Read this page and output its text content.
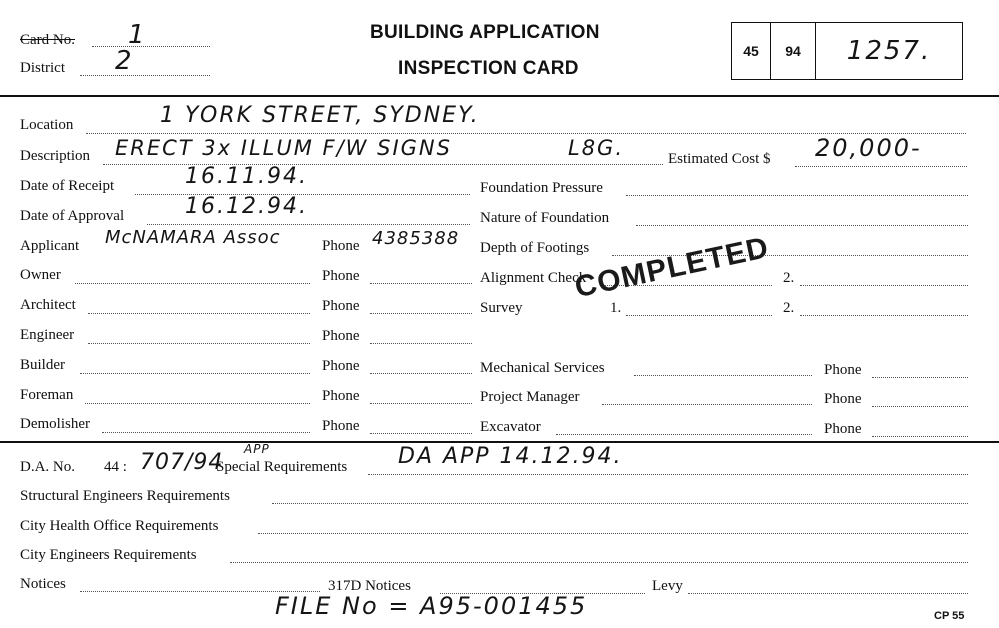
Card No. 1
District 2
BUILDING APPLICATION
INSPECTION CARD
45	94	1257.
Location	1 YORK STREET, SYDNEY.
Description ERECT 3x ILLUM F/W SIGNS	L8G.	Estimated Cost $ 20,000-
Date of Receipt	16.11.94.
Date of Approval	16.12.94.
Applicant McNAMARA Assoc	Phone 4385388
Owner	Phone
Architect	Phone
Engineer	Phone
Builder	Phone
Foreman	Phone
Demolisher	Phone
Foundation Pressure
Nature of Foundation
Depth of Footings
Alignment Check	2.
Survey	1.	2.
Mechanical Services	Phone
Project Manager	Phone
Excavator	Phone
COMPLETED
D.A. No. 44 : 707/94
APP
Special Requirements DA APP 14.12.94.
Structural Engineers Requirements
City Health Office Requirements
City Engineers Requirements
Notices	317D Notices	Levy
FILE No = A95-001455	CP 55
